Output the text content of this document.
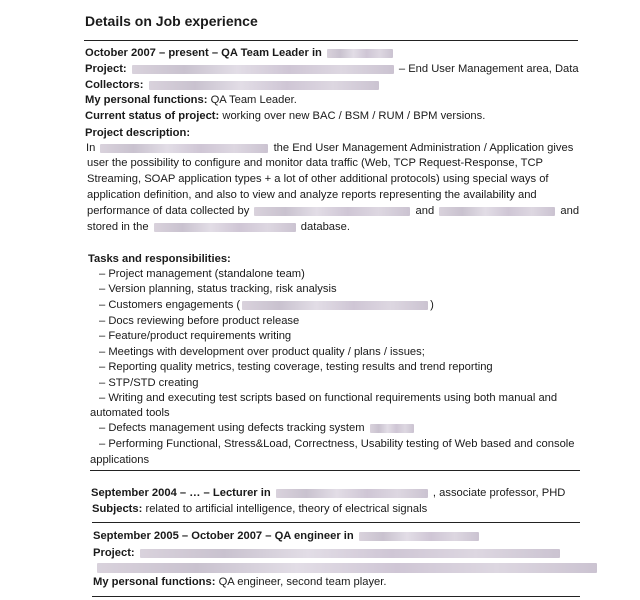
Details on Job experience
October 2007 – present – QA Team Leader in
Project:	– End User Management area, Data
Collectors:
My personal functions: QA Team Leader.
Current status of project: working over new BAC / BSM / RUM / BPM versions.
Project description:
In	the End User Management Administration / Application gives
user the possibility to configure and monitor data traffic (Web, TCP Request-Response, TCP
Streaming, SOAP application types + a lot of other additional protocols) using special ways of
application definition, and also to view and analyze reports representing the availability and
performance of data collected by	and	and
stored in the	database.
Tasks and responsibilities:
– Project management (standalone team)
– Version planning, status tracking, risk analysis
– Customers engagements (	)
– Docs reviewing before product release
– Feature/product requirements writing
– Meetings with development over product quality / plans / issues;
– Reporting quality metrics, testing coverage, testing results and trend reporting
– STP/STD creating
– Writing and executing test scripts based on functional requirements using both manual and
automated tools
– Defects management using defects tracking system
– Performing Functional, Stress&Load, Correctness, Usability testing of Web based and console
applications
September 2004 – … – Lecturer in	, associate professor, PHD
Subjects: related to artificial intelligence, theory of electrical signals
September 2005 – October 2007 – QA engineer in
Project:
My personal functions: QA engineer, second team player.
